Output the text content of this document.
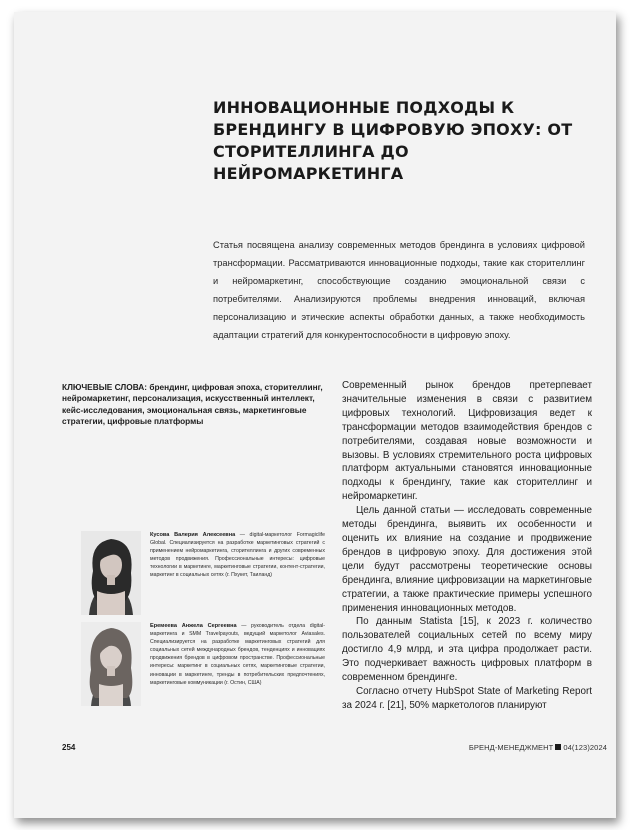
ИННОВАЦИОННЫЕ ПОДХОДЫ К БРЕНДИНГУ В ЦИФРОВУЮ ЭПОХУ: ОТ СТОРИТЕЛЛИНГА ДО НЕЙРОМАРКЕТИНГА

Статья посвящена анализу современных методов брендинга в условиях цифровой трансформации. Рассматриваются инновационные подходы, такие как сторителлинг и нейромаркетинг, способствующие созданию эмоциональной связи с потребителями. Анализируются проблемы внедрения инноваций, включая персонализацию и этические аспекты обработки данных, а также необходимость адаптации стратегий для конкурентоспособности в цифровую эпоху.

КЛЮЧЕВЫЕ СЛОВА: брендинг, цифровая эпоха, сторителлинг, нейромаркетинг, персонализация, искусственный интеллект, кейс-исследования, эмоциональная связь, маркетинговые стратегии, цифровые платформы

Современный рынок брендов претерпевает значительные изменения в связи с развитием цифровых технологий. Цифровизация ведет к трансформации методов взаимодействия брендов с потребителями, создавая новые возможности и вызовы. В условиях стремительного роста цифровых платформ актуальными становятся инновационные подходы к брендингу, такие как сторителлинг и нейромаркетинг.

Цель данной статьи — исследовать современные методы брендинга, выявить их особенности и оценить их влияние на создание и продвижение брендов в цифровую эпоху. Для достижения этой цели будут рассмотрены теоретические основы брендинга, влияние цифровизации на маркетинговые стратегии, а также практические примеры успешного применения инновационных методов.

По данным Statista [15], к 2023 г. количество пользователей социальных сетей по всему миру достигло 4,9 млрд, и эта цифра продолжает расти. Это подчеркивает важность цифровых платформ в современном брендинге.

Согласно отчету HubSpot State of Marketing Report за 2024 г. [21], 50% маркетологов планируют

Кусова Валерия Алексеевна — digital-маркетолог Formagiclife Global. Специализируется на разработке маркетинговых стратегий с применением нейромаркетинга, сторителлинга и других современных методов продвижения. Профессиональные интересы: цифровые технологии в маркетинге, маркетинговые стратегии, контент-стратегии, маркетинг в социальных сетях (г. Пхукет, Таиланд)

Еремеева Анжела Сергеевна — руководитель отдела digital-маркетинга и SMM Travelpayouts, ведущий маркетолог Aviasales. Специализируется на разработке маркетинговых стратегий для социальных сетей международных брендов, тенденциях и инновациях продвижения брендов в цифровом пространстве. Профессиональные интересы: маркетинг в социальных сетях, маркетинговые стратегии, инновации в маркетинге, тренды в потребительских предпочтениях, маркетинговые коммуникации (г. Остин, США)

254	БРЕНД-МЕНЕДЖМЕНТ 04(123)2024
